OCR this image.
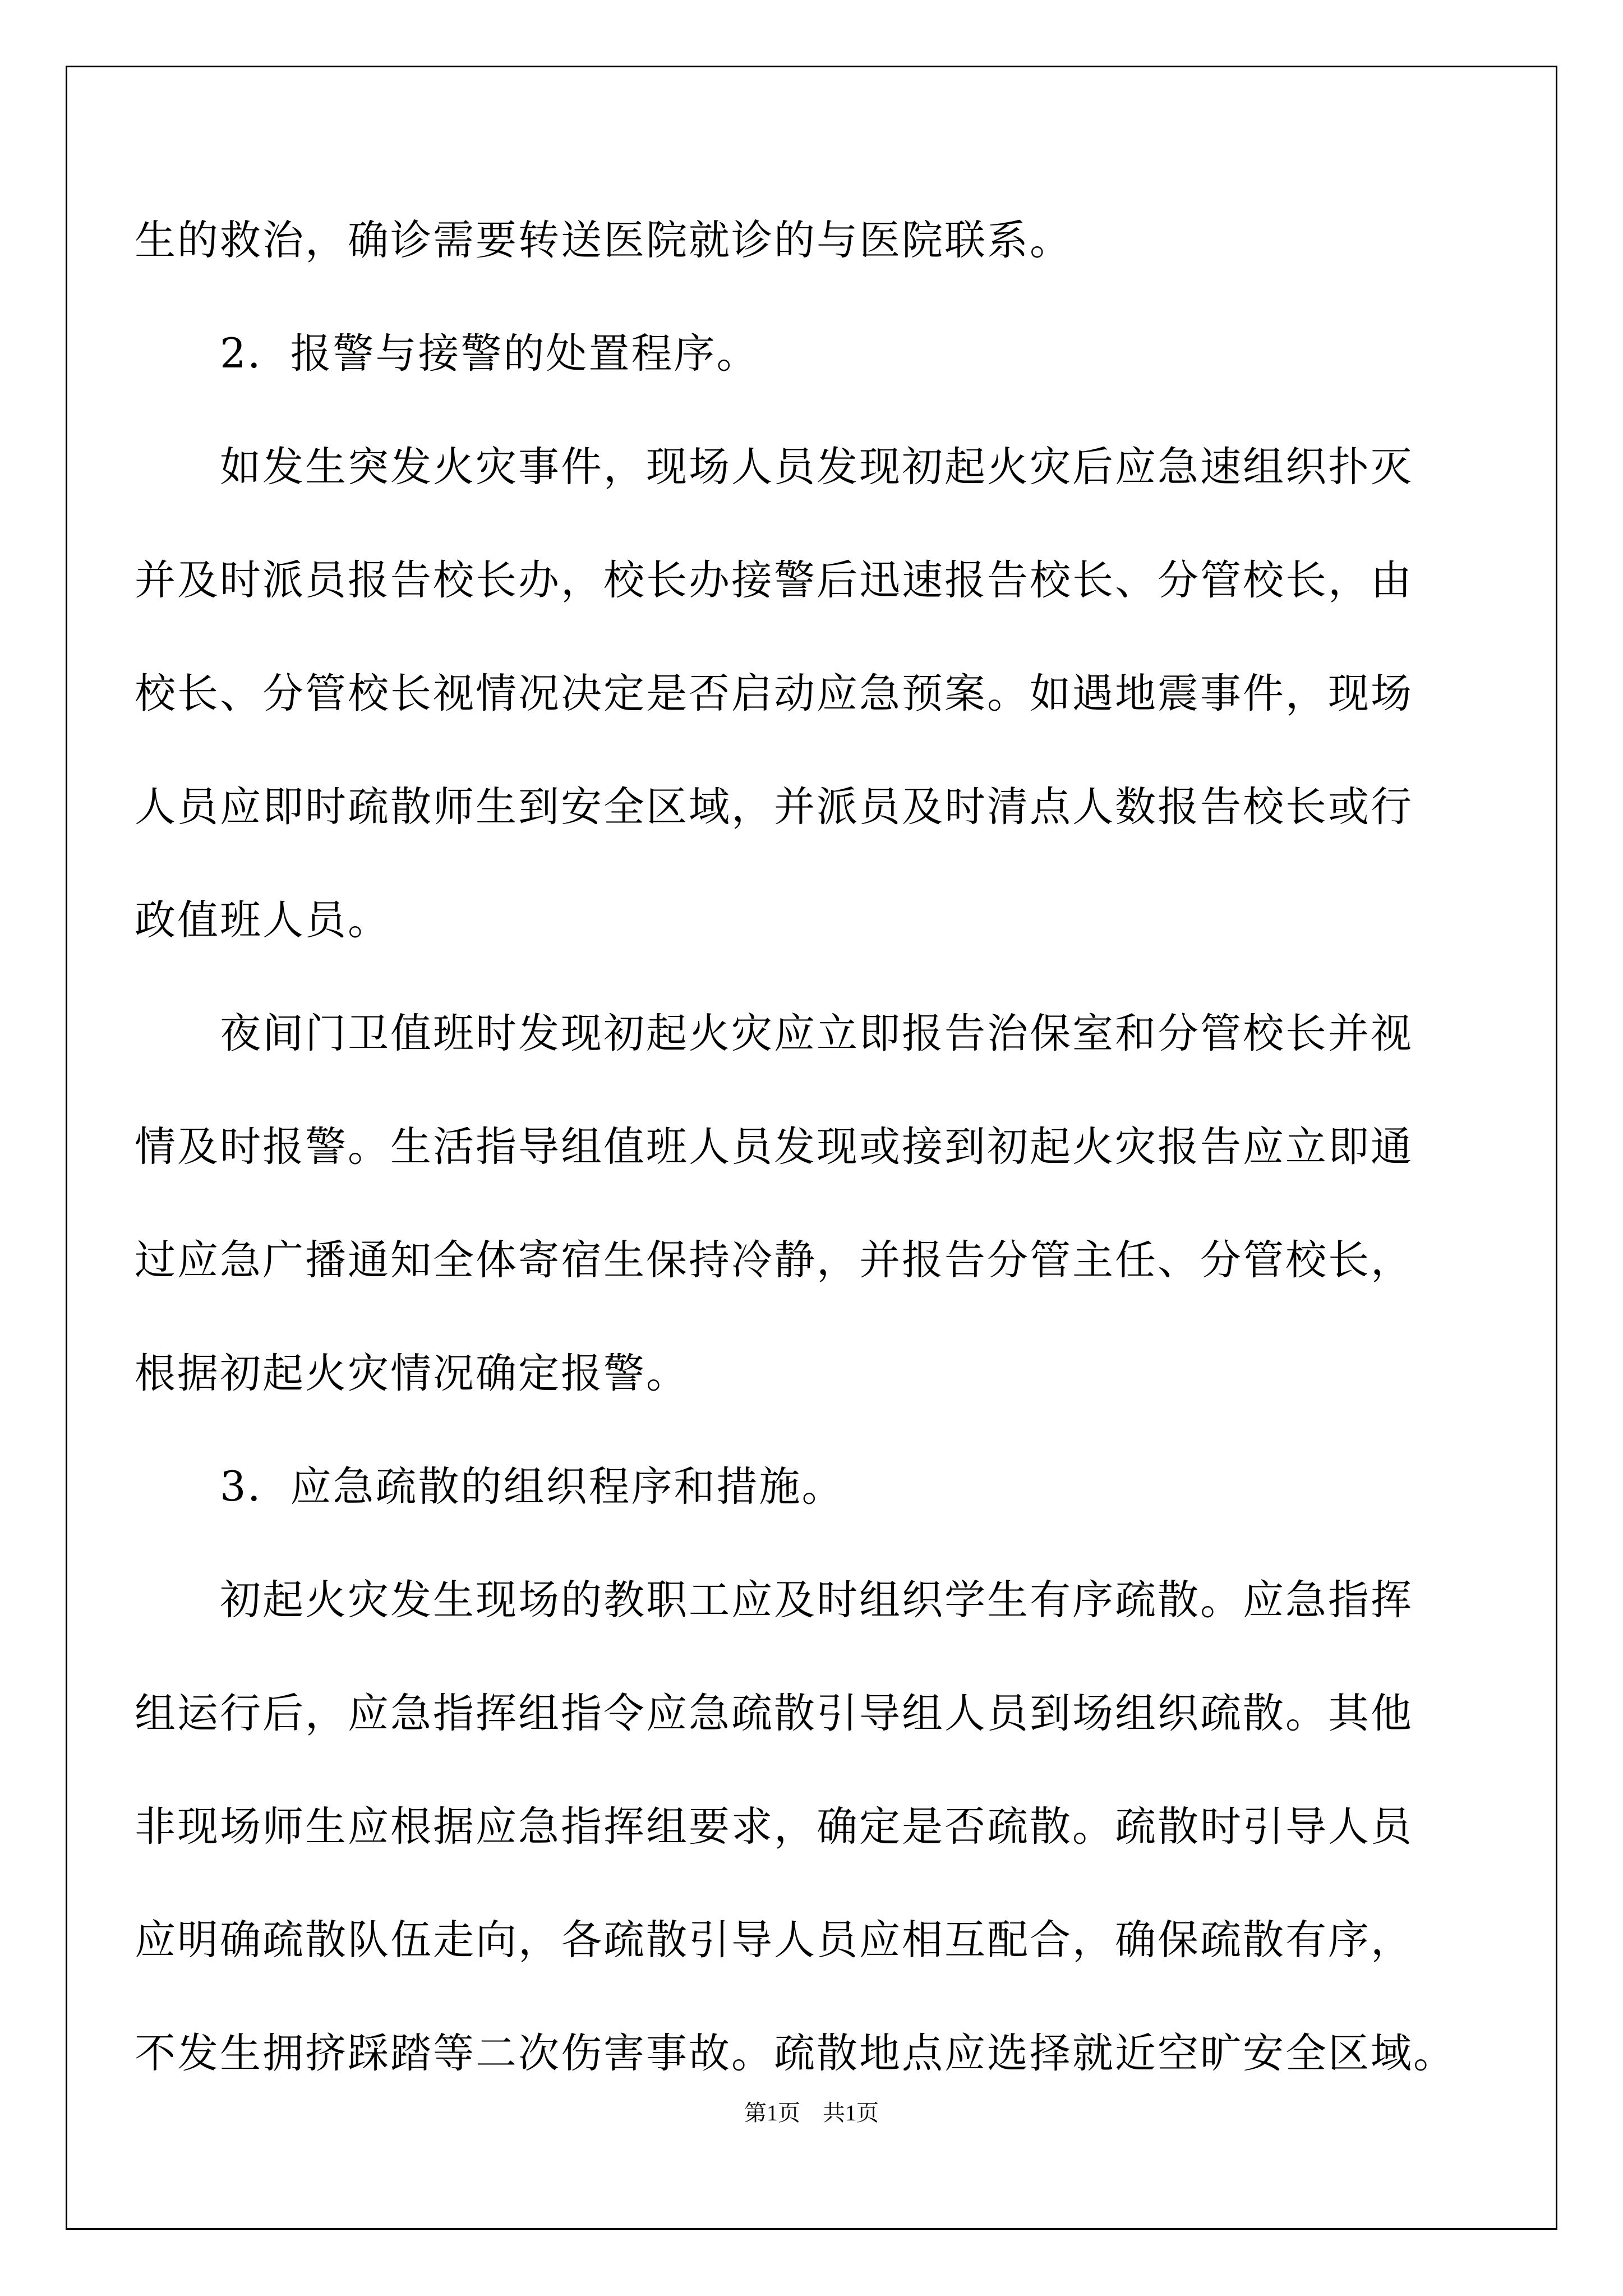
生的救治，确诊需要转送医院就诊的与医院联系。
　　2．报警与接警的处置程序。
　　如发生突发火灾事件，现场人员发现初起火灾后应急速组织扑灭
并及时派员报告校长办，校长办接警后迅速报告校长、分管校长，由
校长、分管校长视情况决定是否启动应急预案。如遇地震事件，现场
人员应即时疏散师生到安全区域，并派员及时清点人数报告校长或行
政值班人员。
　　夜间门卫值班时发现初起火灾应立即报告治保室和分管校长并视
情及时报警。生活指导组值班人员发现或接到初起火灾报告应立即通
过应急广播通知全体寄宿生保持冷静，并报告分管主任、分管校长，
根据初起火灾情况确定报警。
　　3．应急疏散的组织程序和措施。
　　初起火灾发生现场的教职工应及时组织学生有序疏散。应急指挥
组运行后，应急指挥组指令应急疏散引导组人员到场组织疏散。其他
非现场师生应根据应急指挥组要求，确定是否疏散。疏散时引导人员
应明确疏散队伍走向，各疏散引导人员应相互配合，确保疏散有序，
不发生拥挤踩踏等二次伤害事故。疏散地点应选择就近空旷安全区域。
第1页　共1页
